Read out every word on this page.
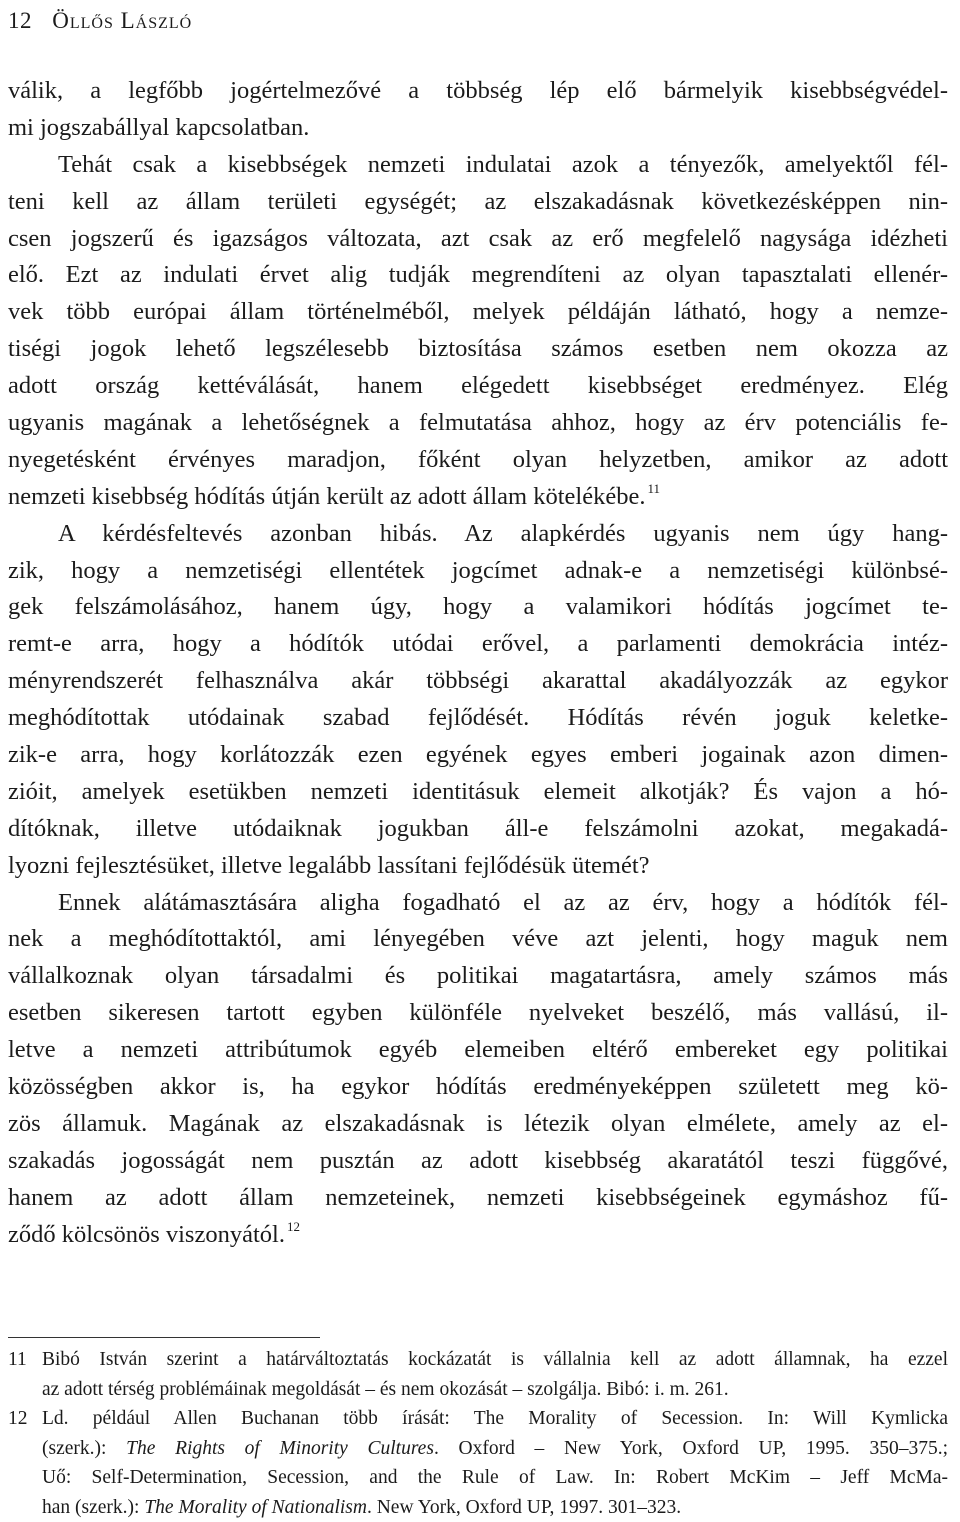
12 Öllős László
válik, a legfőbb jogértelmezővé a többség lép elő bármelyik kisebbségvédel-
mi jogszabállyal kapcsolatban.
Tehát csak a kisebbségek nemzeti indulatai azok a tényezők, amelyektől fél-
teni kell az állam területi egységét; az elszakadásnak következésképpen nin-
csen jogszerű és igazságos változata, azt csak az erő megfelelő nagysága idézheti
elő. Ezt az indulati érvet alig tudják megrendíteni az olyan tapasztalati ellenér-
vek több európai állam történelméből, melyek példáján látható, hogy a nemze-
tiségi jogok lehető legszélesebb biztosítása számos esetben nem okozza az
adott ország kettéválását, hanem elégedett kisebbséget eredményez. Elég
ugyanis magának a lehetőségnek a felmutatása ahhoz, hogy az érv potenciális fe-
nyegetésként érvényes maradjon, főként olyan helyzetben, amikor az adott
nemzeti kisebbség hódítás útján került az adott állam kötelékébe. $^{11}$
A kérdésfeltevés azonban hibás. Az alapkérdés ugyanis nem úgy hang-
zik, hogy a nemzetiségi ellentétek jogcímet adnak-e a nemzetiségi különbsé-
gek felszámolásához, hanem úgy, hogy a valamikori hódítás jogcímet te-
remt-e arra, hogy a hódítók utódai erővel, a parlamenti demokrácia intéz-
ményrendszerét felhasználva akár többségi akarattal akadályozzák az egykor
meghódítottak utódainak szabad fejlődését. Hódítás révén joguk keletke-
zik-e arra, hogy korlátozzák ezen egyének egyes emberi jogainak azon dimen-
zióit, amelyek esetükben nemzeti identitásuk elemeit alkotják? És vajon a hó-
dítóknak, illetve utódaiknak jogukban áll-e felszámolni azokat, megakadá-
lyozni fejlesztésüket, illetve legalább lassítani fejlődésük ütemét?
Ennek alátámasztására aligha fogadható el az az érv, hogy a hódítók fél-
nek a meghódítottaktól, ami lényegében véve azt jelenti, hogy maguk nem
vállalkoznak olyan társadalmi és politikai magatartásra, amely számos más
esetben sikeresen tartott egyben különféle nyelveket beszélő, más vallású, il-
letve a nemzeti attribútumok egyéb elemeiben eltérő embereket egy politikai
közösségben akkor is, ha egykor hódítás eredményeképpen született meg kö-
zös államuk. Magának az elszakadásnak is létezik olyan elmélete, amely az el-
szakadás jogosságát nem pusztán az adott kisebbség akaratától teszi függővé,
hanem az adott állam nemzeteinek, nemzeti kisebbségeinek egymáshoz fű-
ződő kölcsönös viszonyától. $^{12}$
11 Bibó István szerint a határváltoztatás kockázatát is vállalnia kell az adott államnak, ha ezzel
az adott térség problémáinak megoldását – és nem okozását – szolgálja. Bibó: i. m. 261.
12 Ld. például Allen Buchanan több írását: The Morality of Secession. In: Will Kymlicka
(szerk.): The Rights of Minority Cultures. Oxford – New York, Oxford UP, 1995. 350–375.;
Uő: Self-Determination, Secession, and the Rule of Law. In: Robert McKim – Jeff McMa-
han (szerk.): The Morality of Nationalism. New York, Oxford UP, 1997. 301–323.
